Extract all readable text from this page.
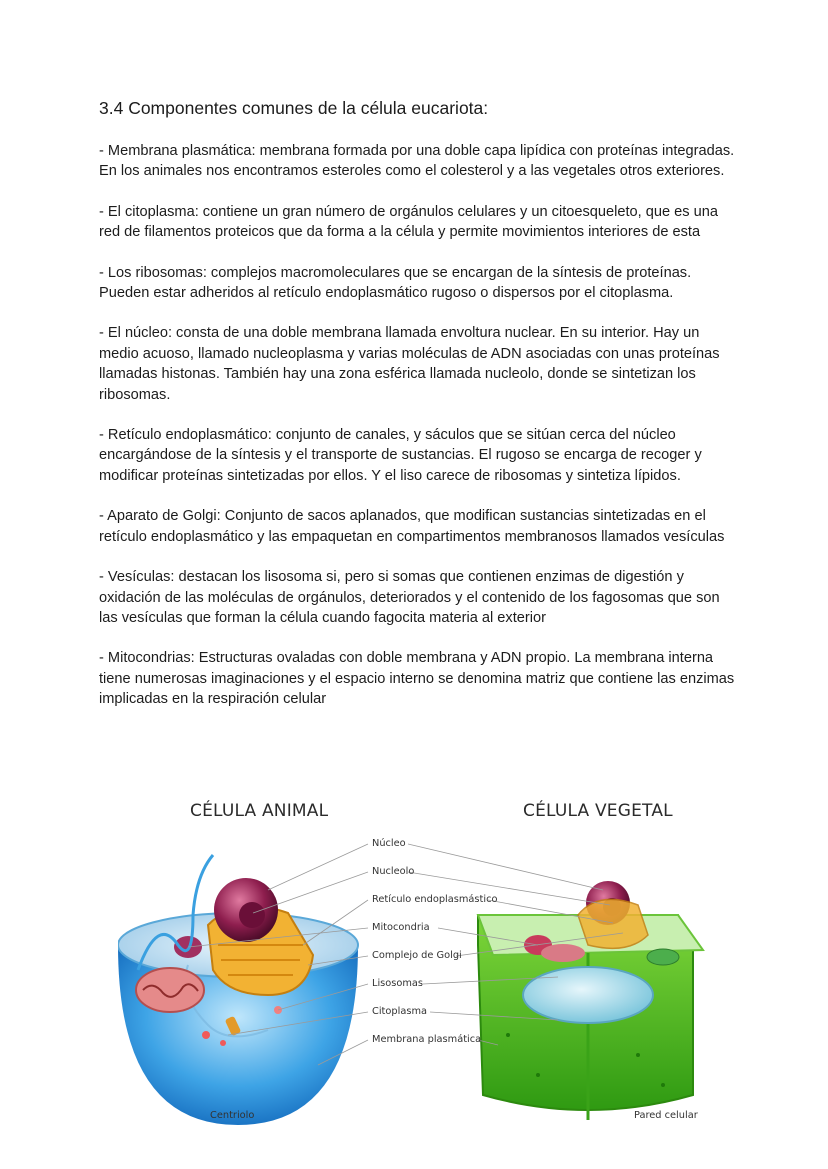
3.4 Componentes comunes de la célula eucariota:

- Membrana plasmática: membrana formada por una doble capa lipídica con proteínas integradas. En los animales nos encontramos esteroles como el colesterol y a las vegetales otros exteriores.

- El citoplasma: contiene un gran número de orgánulos celulares y un citoesqueleto, que es una red de filamentos proteicos que da forma a la célula y permite movimientos interiores de esta

- Los ribosomas: complejos macromoleculares que se encargan de la síntesis de proteínas. Pueden estar adheridos al retículo endoplasmático rugoso o dispersos por el citoplasma.

- El núcleo: consta de una doble membrana llamada envoltura nuclear. En su interior. Hay un medio acuoso, llamado nucleoplasma y varias moléculas de ADN asociadas con unas proteínas llamadas histonas. También hay una zona esférica llamada nucleolo, donde se sintetizan los ribosomas.

- Retículo endoplasmático: conjunto de canales, y sáculos que se sitúan cerca del núcleo encargándose de la síntesis y el transporte de sustancias. El rugoso se encarga de recoger y modificar proteínas sintetizadas por ellos. Y el liso carece de ribosomas y sintetiza lípidos.

- Aparato de Golgi: Conjunto de sacos aplanados, que modifican sustancias sintetizadas en el retículo endoplasmático y las empaquetan en compartimentos membranosos llamados vesículas

- Vesículas: destacan los lisosoma si, pero si somas que contienen enzimas de digestión y oxidación de las moléculas de orgánulos, deteriorados y el contenido de los fagosomas que son las vesículas que forman la célula cuando fagocita materia al exterior

- Mitocondrias: Estructuras ovaladas con doble membrana y ADN propio. La membrana interna tiene numerosas imaginaciones y el espacio interno se denomina matriz que contiene las enzimas implicadas en la respiración celular

CÉLULA ANIMAL	CÉLULA VEGETAL
Núcleo
Nucleolo
Retículo endoplasmástico
Mitocondria
Complejo de Golgi
Lisosomas
Citoplasma
Membrana plasmática
Centriolo	Pared celular
